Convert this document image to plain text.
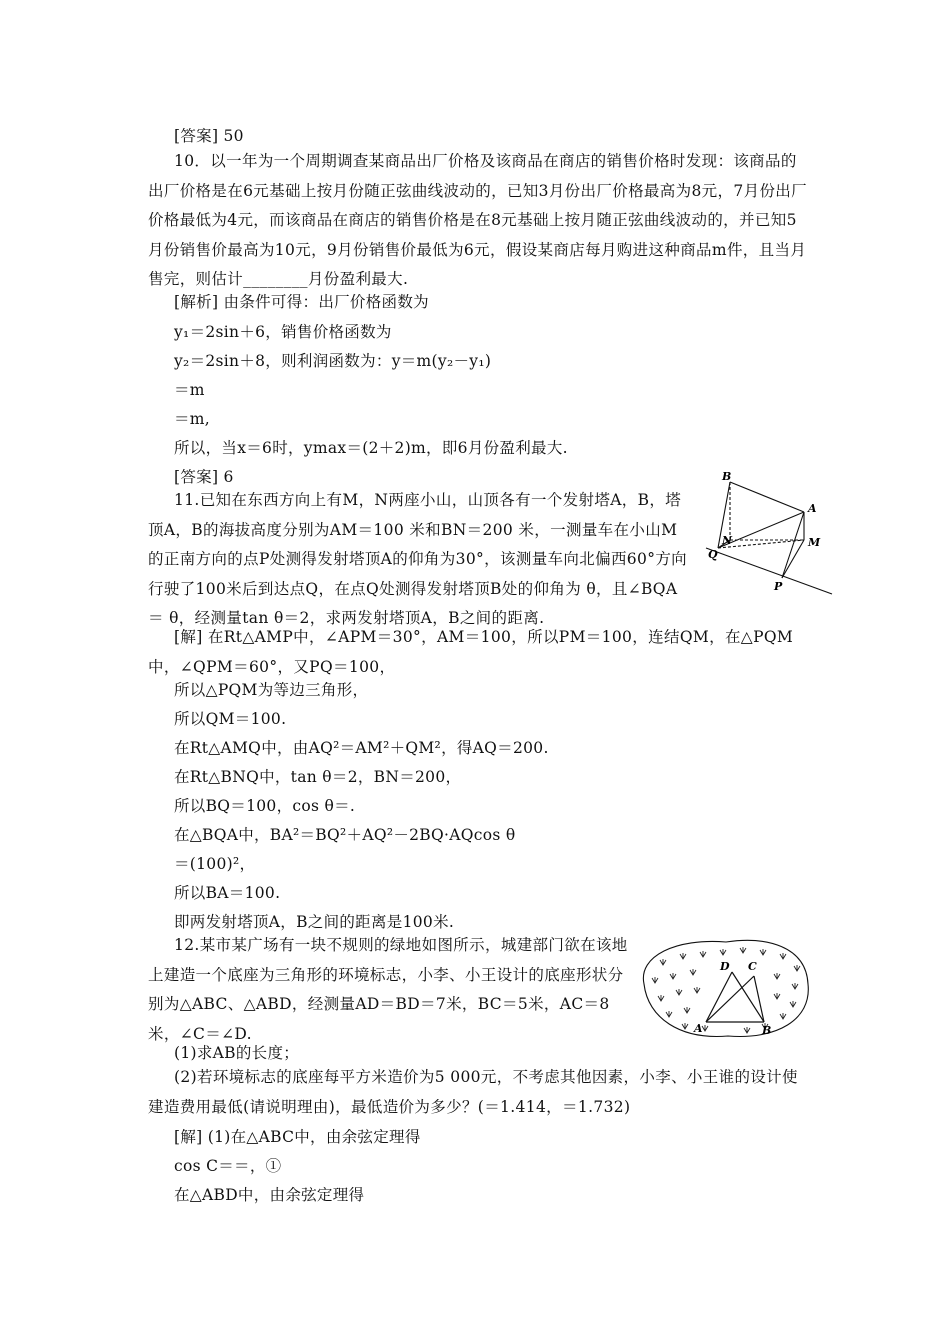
[答案] 50
10．以一年为一个周期调查某商品出厂价格及该商品在商店的销售价格时发现：该商品的出厂价格是在6元基础上按月份随正弦曲线波动的，已知3月份出厂价格最高为8元，7月份出厂价格最低为4元，而该商品在商店的销售价格是在8元基础上按月随正弦曲线波动的，并已知5月份销售价最高为10元，9月份销售价最低为6元，假设某商店每月购进这种商品m件，且当月售完，则估计________月份盈利最大.
[解析] 由条件可得：出厂价格函数为
y₁＝2sin＋6，销售价格函数为
y₂＝2sin＋8，则利润函数为：y＝m(y₂－y₁)
＝m
＝m,
所以，当x＝6时，ymax＝(2＋2)m，即6月份盈利最大.
[答案] 6
11.已知在东西方向上有M，N两座小山，山顶各有一个发射塔A，B，塔顶A，B的海拔高度分别为AM＝100 米和BN＝200 米，一测量车在小山M的正南方向的点P处测得发射塔顶A的仰角为30°，该测量车向北偏西60°方向行驶了100米后到达点Q，在点Q处测得发射塔顶B处的仰角为 θ，且∠BQA＝ θ，经测量tan θ＝2，求两发射塔顶A，B之间的距离.
B
A
N	M
Q
P
[解] 在Rt△AMP中，∠APM＝30°，AM＝100，所以PM＝100，连结QM，在△PQM中，∠QPM＝60°，又PQ＝100，
所以△PQM为等边三角形，
所以QM＝100.
在Rt△AMQ中，由AQ²＝AM²＋QM²，得AQ＝200.
在Rt△BNQ中，tan θ＝2，BN＝200，
所以BQ＝100，cos θ＝.
在△BQA中，BA²＝BQ²＋AQ²－2BQ·AQcos θ
＝(100)²，
所以BA＝100.
即两发射塔顶A，B之间的距离是100米.
12.某市某广场有一块不规则的绿地如图所示，城建部门欲在该地上建造一个底座为三角形的环境标志，小李、小王设计的底座形状分别为△ABC、△ABD，经测量AD＝BD＝7米，BC＝5米，AC＝8米，∠C＝∠D.
D C
A	B
(1)求AB的长度；
(2)若环境标志的底座每平方米造价为5 000元，不考虑其他因素，小李、小王谁的设计使建造费用最低(请说明理由)，最低造价为多少？(＝1.414，＝1.732)
[解] (1)在△ABC中，由余弦定理得
cos C＝＝，①
在△ABD中，由余弦定理得
